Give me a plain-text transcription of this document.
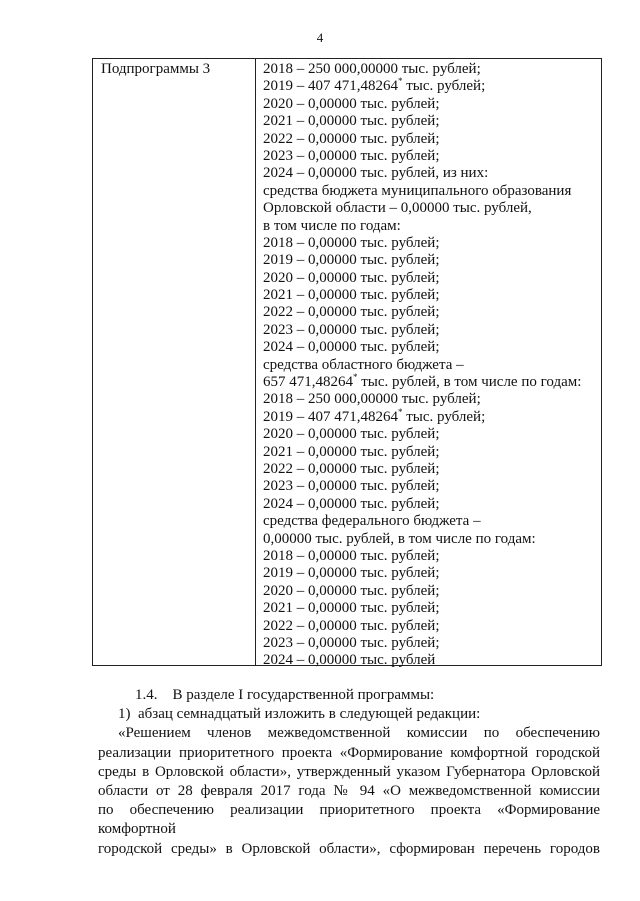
4
Подпрограммы 3	2018 – 250 000,00000 тыс. рублей;
2019 – 407 471,48264* тыс. рублей;
2020 – 0,00000 тыс. рублей;
2021 – 0,00000 тыс. рублей;
2022 – 0,00000 тыс. рублей;
2023 – 0,00000 тыс. рублей;
2024 – 0,00000 тыс. рублей, из них:
средства бюджета муниципального образования
Орловской области – 0,00000 тыс. рублей,
в том числе по годам:
2018 – 0,00000 тыс. рублей;
2019 – 0,00000 тыс. рублей;
2020 – 0,00000 тыс. рублей;
2021 – 0,00000 тыс. рублей;
2022 – 0,00000 тыс. рублей;
2023 – 0,00000 тыс. рублей;
2024 – 0,00000 тыс. рублей;
средства областного бюджета –
657 471,48264* тыс. рублей, в том числе по годам:
2018 – 250 000,00000 тыс. рублей;
2019 – 407 471,48264* тыс. рублей;
2020 – 0,00000 тыс. рублей;
2021 – 0,00000 тыс. рублей;
2022 – 0,00000 тыс. рублей;
2023 – 0,00000 тыс. рублей;
2024 – 0,00000 тыс. рублей;
средства федерального бюджета –
0,00000 тыс. рублей, в том числе по годам:
2018 – 0,00000 тыс. рублей;
2019 – 0,00000 тыс. рублей;
2020 – 0,00000 тыс. рублей;
2021 – 0,00000 тыс. рублей;
2022 – 0,00000 тыс. рублей;
2023 – 0,00000 тыс. рублей;
2024 – 0,00000 тыс. рублей

1.4.    В разделе I государственной программы:

1)  абзац семнадцатый изложить в следующей редакции:

«Решением членов межведомственной комиссии по обеспечению

реализации приоритетного проекта «Формирование комфортной городской

среды в Орловской области», утвержденный указом Губернатора Орловской

области от 28 февраля 2017 года № 94 «О межведомственной комиссии

по обеспечению реализации приоритетного проекта «Формирование комфортной

городской среды» в Орловской области», сформирован перечень городов
